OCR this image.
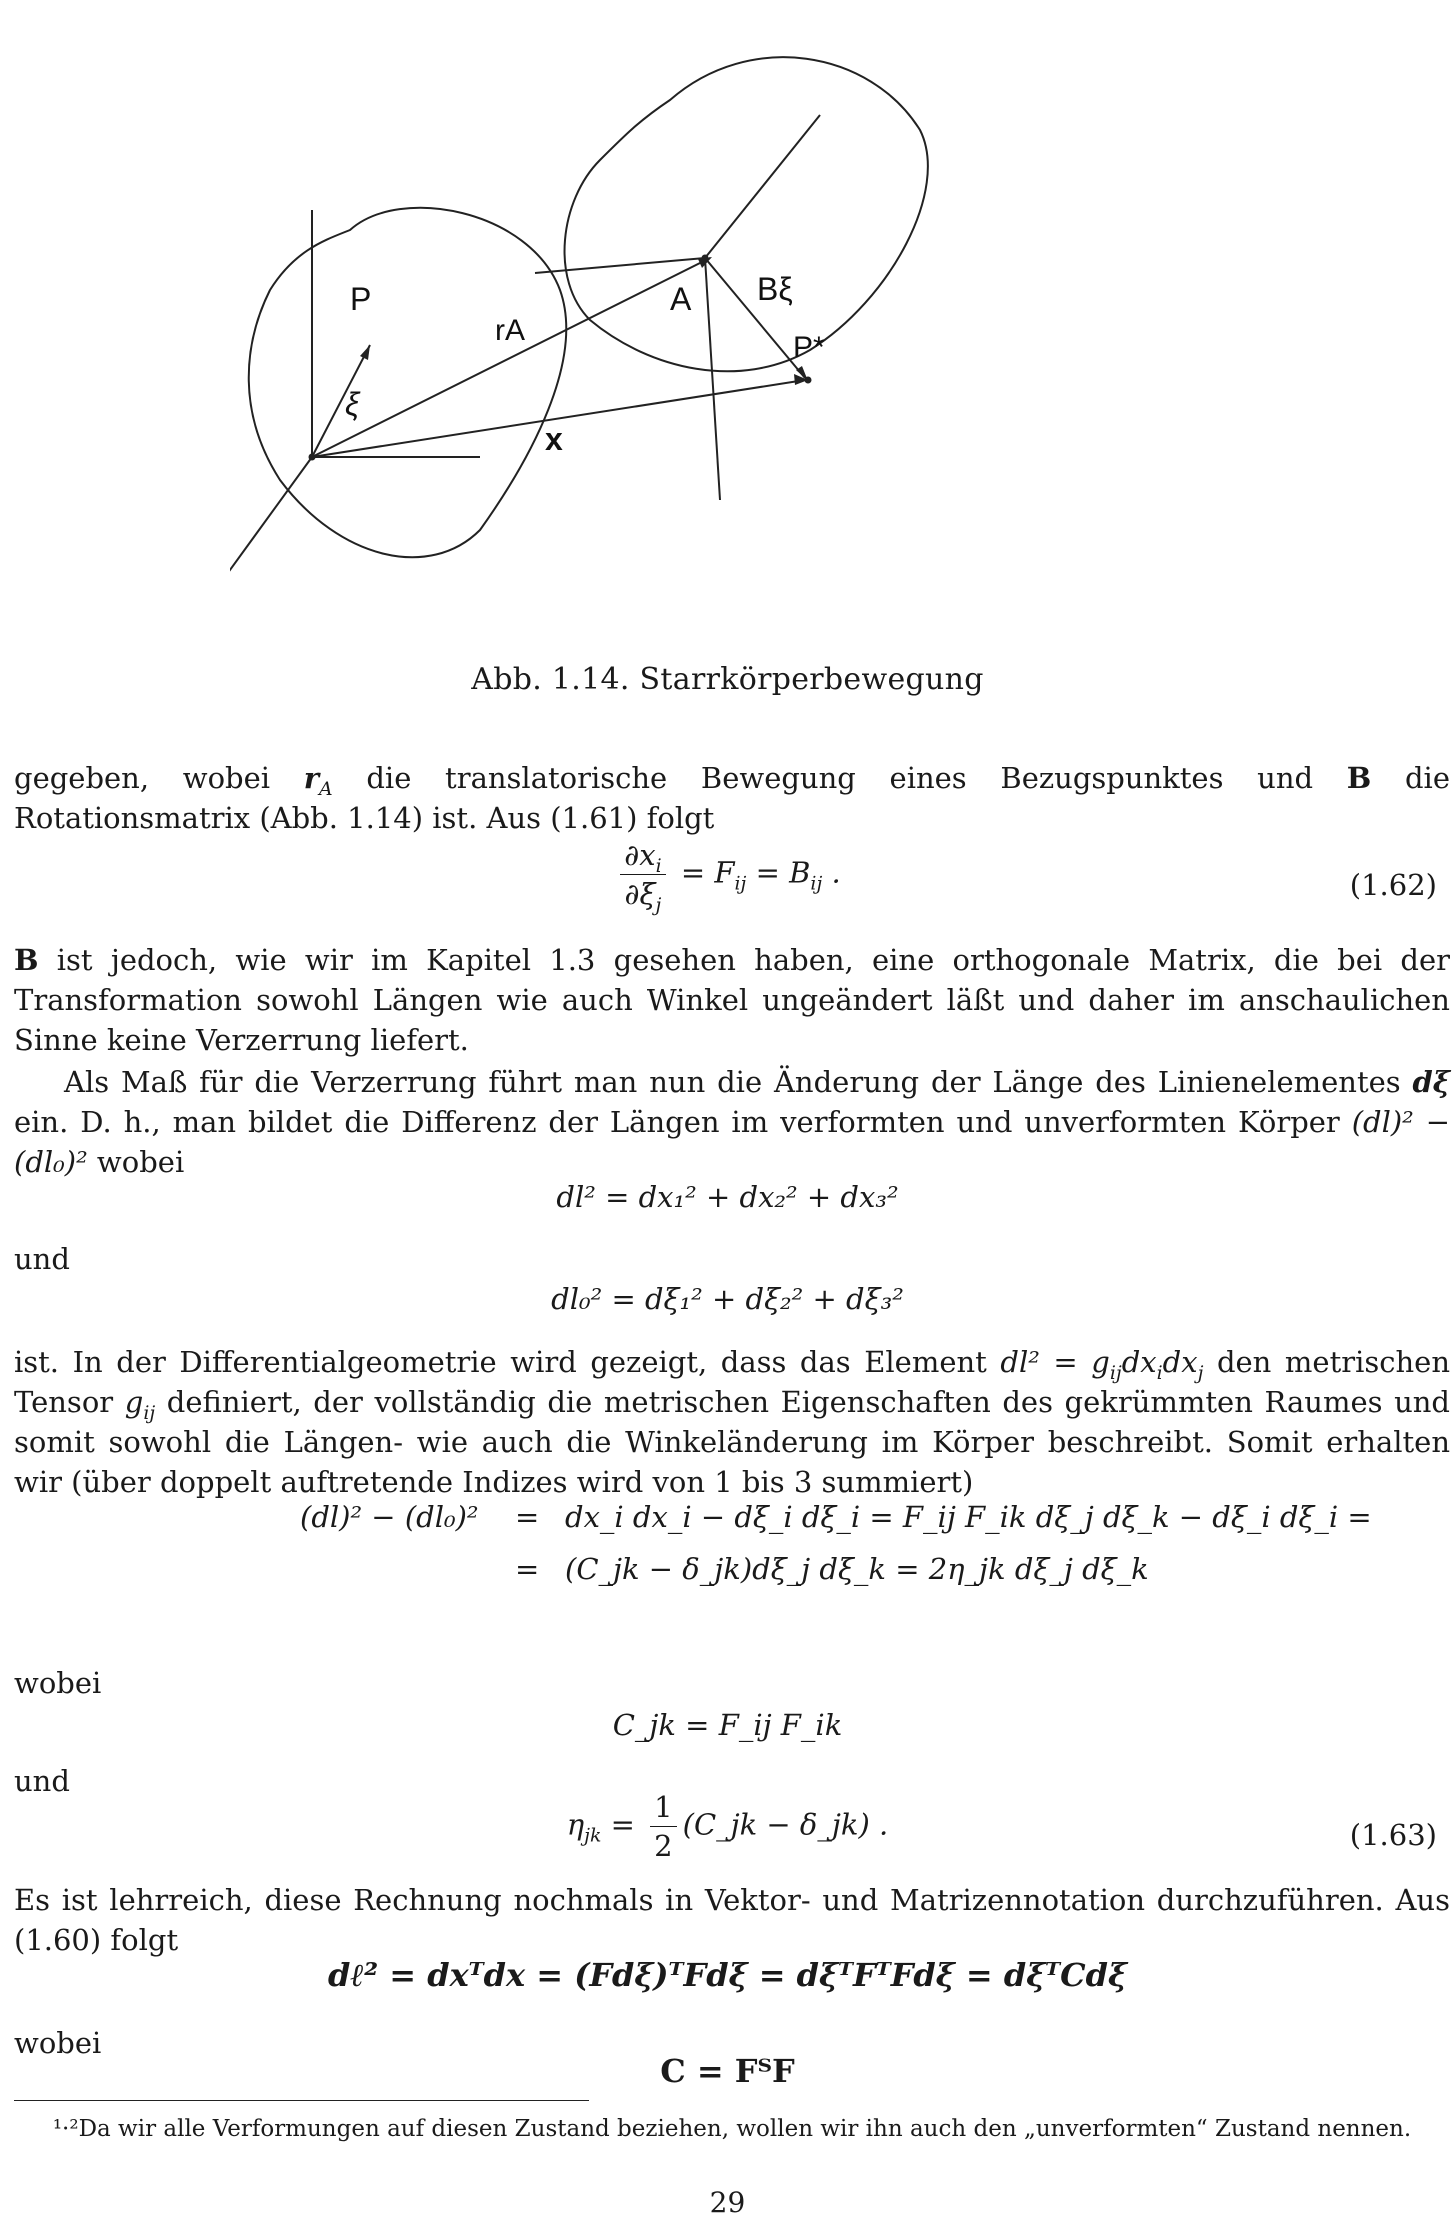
P
ξ
rA
x
A Bξ
P*
Abb. 1.14. Starrkörperbewegung
gegeben, wobei $r_A$ die translatorische Bewegung eines Bezugspunktes und B die Rotationsmatrix (Abb. 1.14) ist. Aus (1.61) folgt
$\frac{\partial x_i}{\partial\xi_j} = F_{ij} = B_{ij}$ .	(1.62)
B ist jedoch, wie wir im Kapitel 1.3 gesehen haben, eine orthogonale Matrix, die bei der Transformation sowohl Längen wie auch Winkel ungeändert läßt und daher im anschaulichen Sinne keine Verzerrung liefert.
Als Maß für die Verzerrung führt man nun die Änderung der Länge des Linienelementes dξ ein. D. h., man bildet die Differenz der Längen im verformten und unverformten Körper (dl)² − (dl₀)² wobei
dl² = dx₁² + dx₂² + dx₃²
und
dl₀² = dξ₁² + dξ₂² + dξ₃²
ist. In der Differentialgeometrie wird gezeigt, dass das Element $dl^2 = g_{ij}dx_idx_j$ den metrischen Tensor $g_{ij}$ definiert, der vollständig die metrischen Eigenschaften des gekrümmten Raumes und somit sowohl die Längen- wie auch die Winkeländerung im Körper beschreibt. Somit erhalten wir (über doppelt auftretende Indizes wird von 1 bis 3 summiert)
(dl)² − (dl₀)² = dx_i dx_i − dξ_i dξ_i = F_ij F_ik dξ_j dξ_k − dξ_i dξ_i =
= (C_jk − δ_jk)dξ_j dξ_k = 2η_jk dξ_j dξ_k
wobei
C_jk = F_ij F_ik
und
$\eta_{jk} = \frac{1}{2}$ (C_jk − δ_jk) .	(1.63)
Es ist lehrreich, diese Rechnung nochmals in Vektor- und Matrizennotation durchzuführen. Aus (1.60) folgt
dℓ² = dxᵀdx = (Fdξ)ᵀFdξ = dξᵀFᵀFdξ = dξᵀCdξ
wobei
C = FᵀF
¹·²Da wir alle Verformungen auf diesen Zustand beziehen, wollen wir ihn auch den „unverformten“ Zustand nennen.
29
